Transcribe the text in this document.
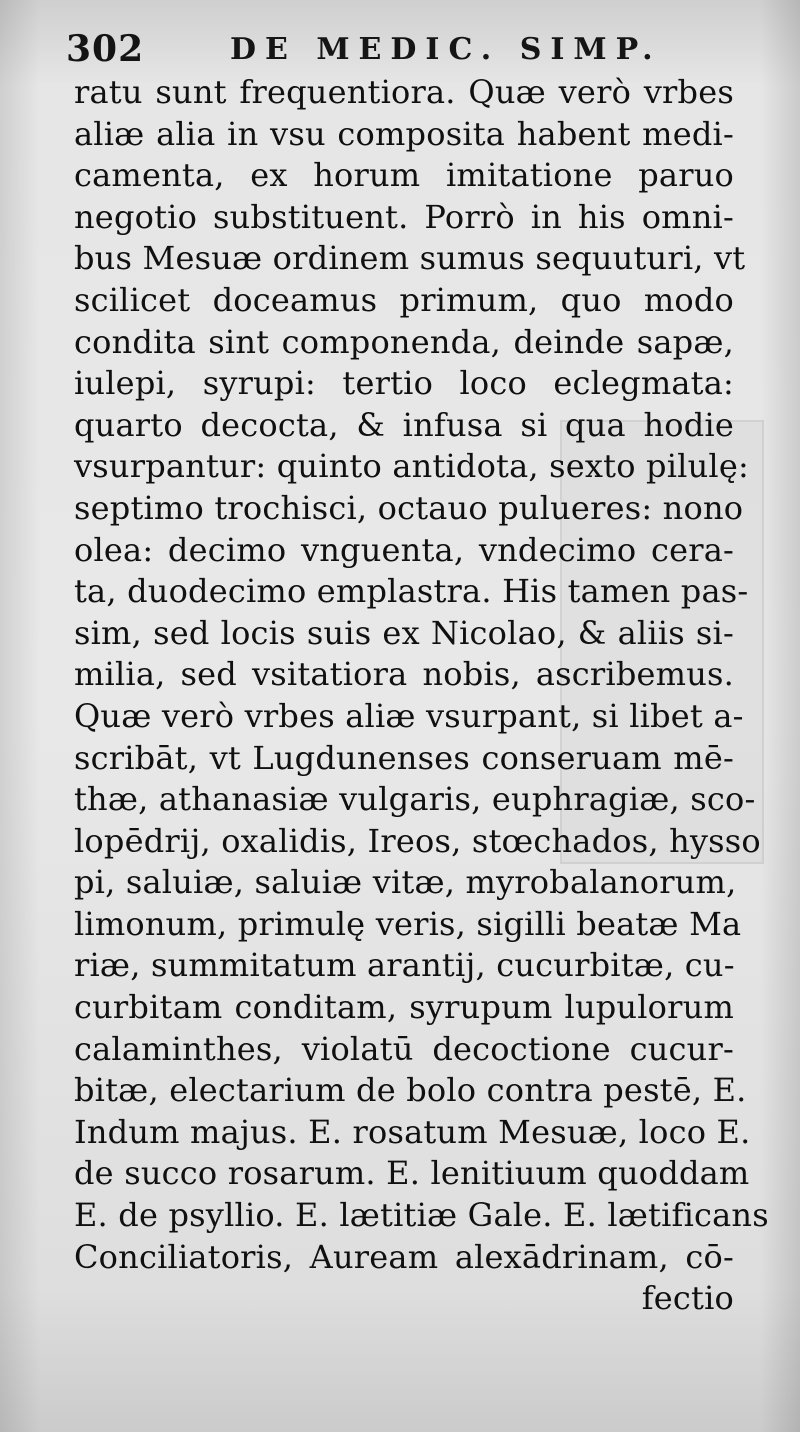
302	DE MEDIC. SIMP.
ratu sunt frequentiora. Quæ verò vrbes
aliæ alia in vsu composita habent medi-
camenta, ex horum imitatione paruo
negotio substituent. Porrò in his omni-
bus Mesuæ ordinem sumus sequuturi, vt
scilicet doceamus primum, quo modo
condita sint componenda, deinde sapæ,
iulepi, syrupi: tertio loco eclegmata:
quarto decocta, & infusa si qua hodie
vsurpantur: quinto antidota, sexto pilulę:
septimo trochisci, octauo pulueres: nono
olea: decimo vnguenta, vndecimo cera-
ta, duodecimo emplastra. His tamen pas-
sim, sed locis suis ex Nicolao, & aliis si-
milia, sed vsitatiora nobis, ascribemus.
Quæ verò vrbes aliæ vsurpant, si libet a-
scribāt, vt Lugdunenses conseruam mē-
thæ, athanasiæ vulgaris, euphragiæ, sco-
lopēdrij, oxalidis, Ireos, stœchados, hysso
pi, saluiæ, saluiæ vitæ, myrobalanorum,
limonum, primulę veris, sigilli beatæ Ma
riæ, summitatum arantij, cucurbitæ, cu-
curbitam conditam, syrupum lupulorum
calaminthes, violatū decoctione cucur-
bitæ, electarium de bolo contra pestē, E.
Indum majus. E. rosatum Mesuæ, loco E.
de succo rosarum. E. lenitiuum quoddam
E. de psyllio. E. lætitiæ Gale. E. lætificans
Conciliatoris, Auream alexādrinam, cō-
fectio
